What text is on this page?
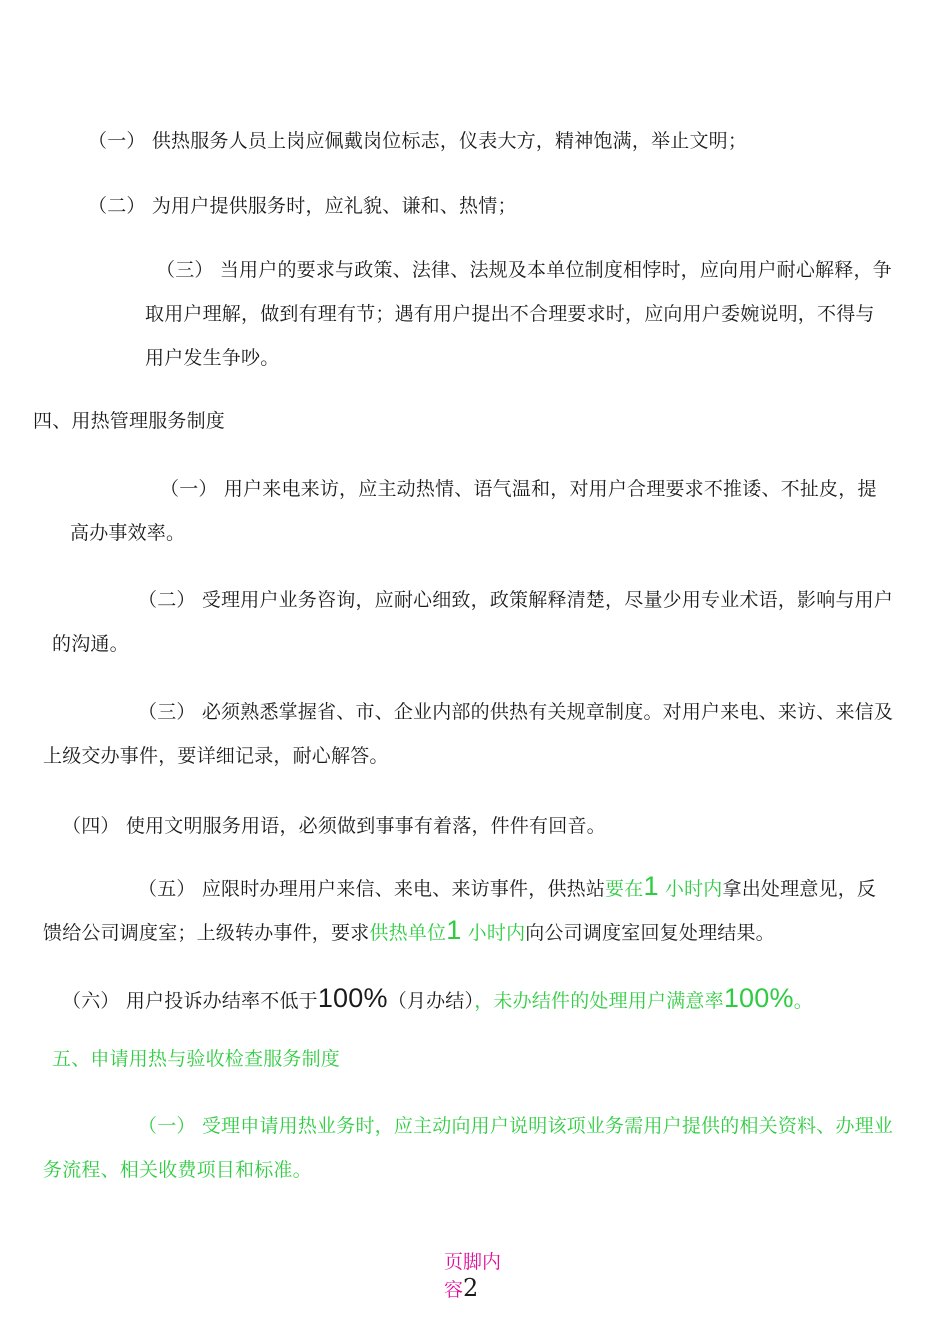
（一） 供热服务人员上岗应佩戴岗位标志，仪表大方，精神饱满，举止文明；
（二） 为用户提供服务时，应礼貌、谦和、热情；
（三） 当用户的要求与政策、法律、法规及本单位制度相悖时，应向用户耐心解释，争
取用户理解，做到有理有节；遇有用户提出不合理要求时，应向用户委婉说明，不得与
用户发生争吵。
四、用热管理服务制度
（一） 用户来电来访，应主动热情、语气温和，对用户合理要求不推诿、不扯皮，提
高办事效率。
（二） 受理用户业务咨询，应耐心细致，政策解释清楚，尽量少用专业术语，影响与用户
的沟通。
（三） 必须熟悉掌握省、市、企业内部的供热有关规章制度。对用户来电、来访、来信及
上级交办事件，要详细记录，耐心解答。
（四） 使用文明服务用语，必须做到事事有着落，件件有回音。
（五） 应限时办理用户来信、来电、来访事件，供热站要在1 小时内拿出处理意见，反
馈给公司调度室；上级转办事件，要求供热单位1 小时内向公司调度室回复处理结果。
（六） 用户投诉办结率不低于100%（月办结），未办结件的处理用户满意率100%。
五、申请用热与验收检查服务制度
（一） 受理申请用热业务时，应主动向用户说明该项业务需用户提供的相关资料、办理业
务流程、相关收费项目和标准。
页脚内
容2
